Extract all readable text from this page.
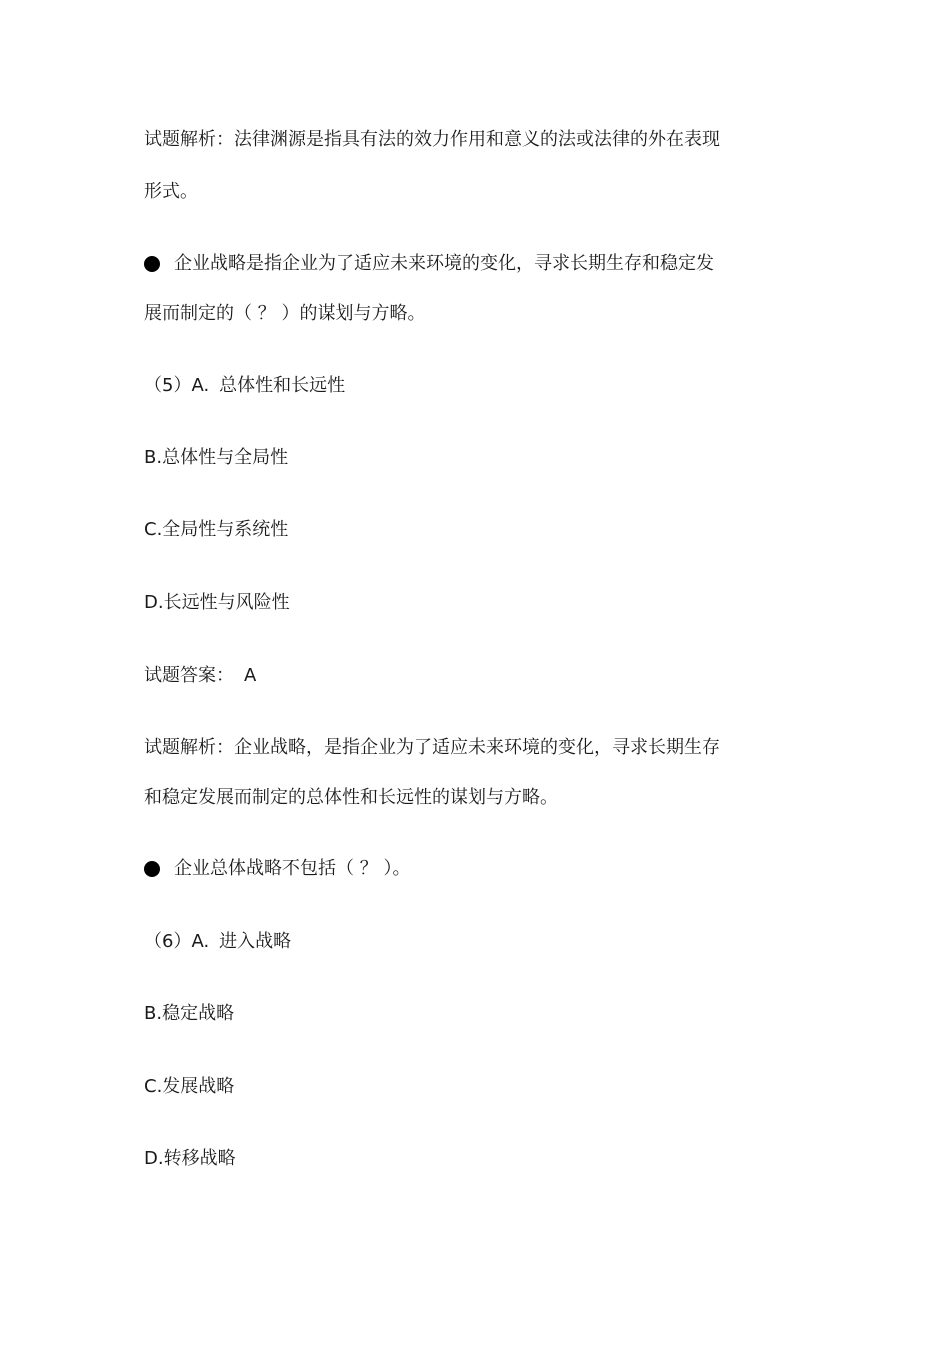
试题解析：法律渊源是指具有法的效力作用和意义的法或法律的外在表现

形式。

企业战略是指企业为了适应未来环境的变化，寻求长期生存和稳定发

展而制定的（ ？ ）的谋划与方略。

（5）A. 总体性和长远性

B.总体性与全局性

C.全局性与系统性

D.长远性与风险性

试题答案： A

试题解析：企业战略，是指企业为了适应未来环境的变化，寻求长期生存

和稳定发展而制定的总体性和长远性的谋划与方略。

企业总体战略不包括（ ？ ）。

（6）A. 进入战略

B.稳定战略

C.发展战略

D.转移战略
